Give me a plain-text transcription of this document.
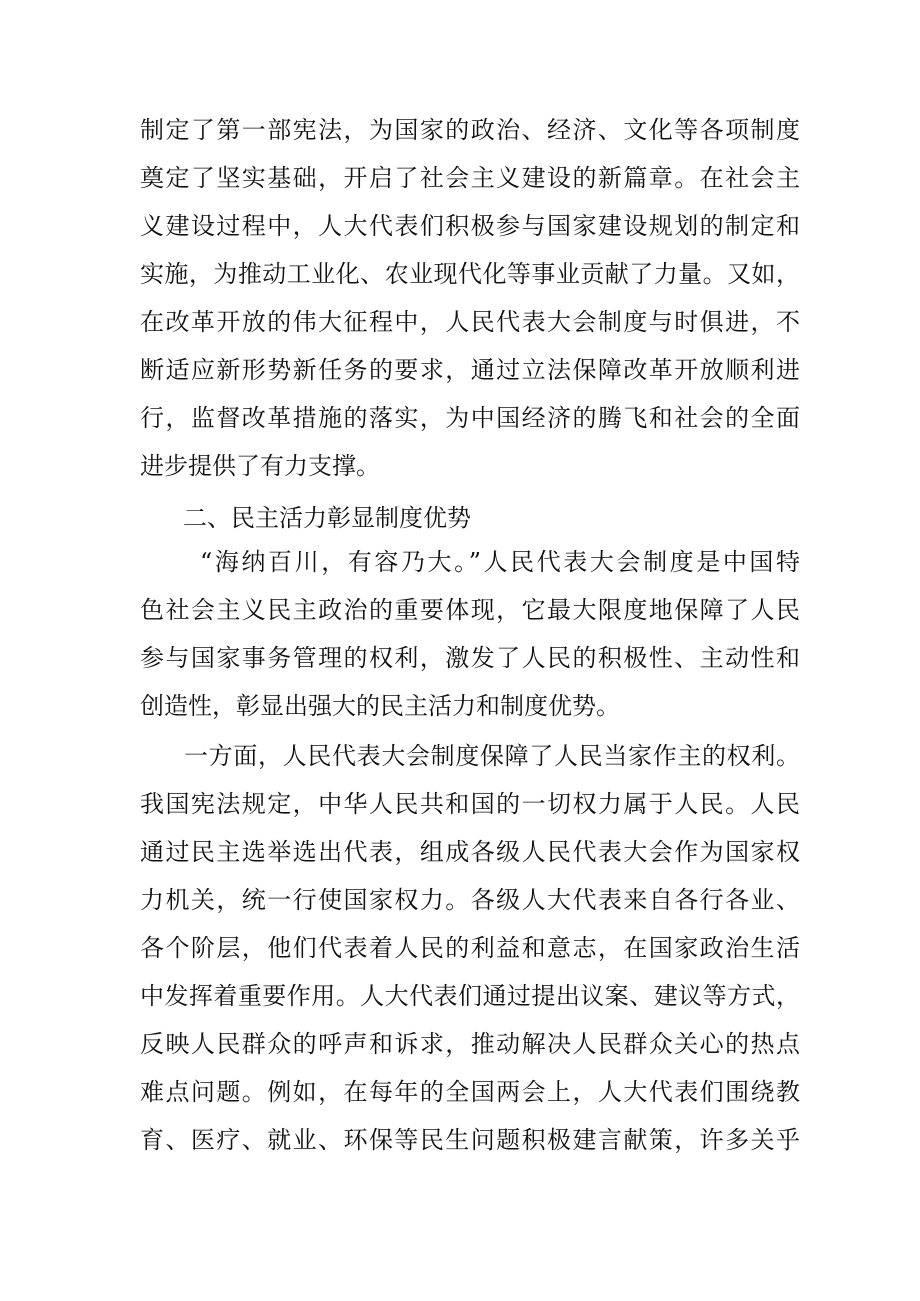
制定了第一部宪法，为国家的政治、经济、文化等各项制度
奠定了坚实基础，开启了社会主义建设的新篇章。在社会主
义建设过程中，人大代表们积极参与国家建设规划的制定和
实施，为推动工业化、农业现代化等事业贡献了力量。又如，
在改革开放的伟大征程中，人民代表大会制度与时俱进，不
断适应新形势新任务的要求，通过立法保障改革开放顺利进
行，监督改革措施的落实，为中国经济的腾飞和社会的全面
进步提供了有力支撑。
二、民主活力彰显制度优势
“海纳百川，有容乃大。”人民代表大会制度是中国特
色社会主义民主政治的重要体现，它最大限度地保障了人民
参与国家事务管理的权利，激发了人民的积极性、主动性和
创造性，彰显出强大的民主活力和制度优势。
一方面，人民代表大会制度保障了人民当家作主的权利。
我国宪法规定，中华人民共和国的一切权力属于人民。人民
通过民主选举选出代表，组成各级人民代表大会作为国家权
力机关，统一行使国家权力。各级人大代表来自各行各业、
各个阶层，他们代表着人民的利益和意志，在国家政治生活
中发挥着重要作用。人大代表们通过提出议案、建议等方式，
反映人民群众的呼声和诉求，推动解决人民群众关心的热点
难点问题。例如，在每年的全国两会上，人大代表们围绕教
育、医疗、就业、环保等民生问题积极建言献策，许多关乎
